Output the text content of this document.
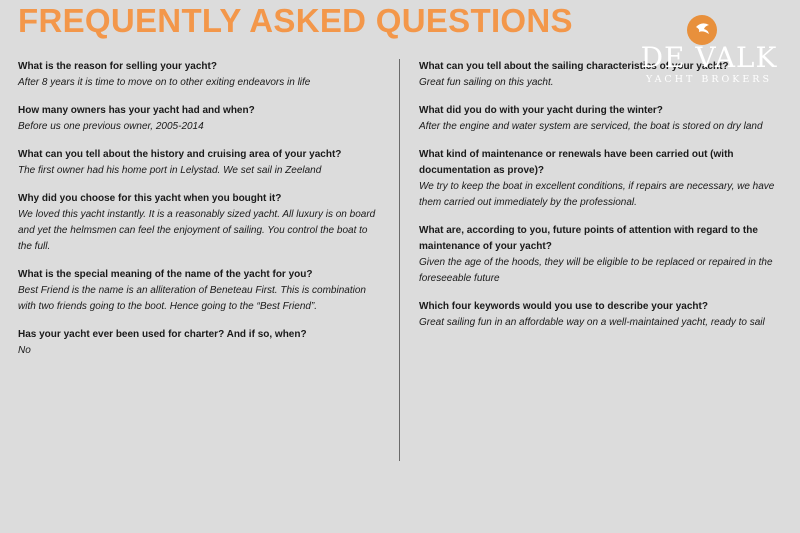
FREQUENTLY ASKED QUESTIONS
What is the reason for selling your yacht?
After 8 years it is time to move on to other exiting endeavors in life
How many owners has your yacht had and when?
Before us one previous owner, 2005-2014
What can you tell about the history and cruising area of your yacht?
The first owner had his home port in Lelystad. We set sail in Zeeland
Why did you choose for this yacht when you bought it?
We loved this yacht instantly. It is a reasonably sized yacht. All luxury is on board and yet the helmsmen can feel the enjoyment of sailing. You control the boat to the full.
What is the special meaning of the name of the yacht for you?
Best Friend is the name is an alliteration of Beneteau First. This is combination with two friends going to the boot. Hence going to the “Best Friend”.
Has your yacht ever been used for charter? And if so, when?
No
What can you tell about the sailing characteristics of your yacht?
Great fun sailing on this yacht.
What did you do with your yacht during the winter?
After the engine and water system are serviced, the boat is stored on dry land
What kind of maintenance or renewals have been carried out (with documentation as prove)?
We try to keep the boat in excellent conditions, if repairs are necessary, we have them carried out immediately by the professional.
What are, according to you, future points of attention with regard to the maintenance of your yacht?
Given the age of the hoods, they will be eligible to be replaced or repaired in the foreseeable future
Which four keywords would you use to describe your yacht?
Great sailing fun in an affordable way on a well-maintained yacht, ready to sail
DE VALK
YACHT BROKERS
